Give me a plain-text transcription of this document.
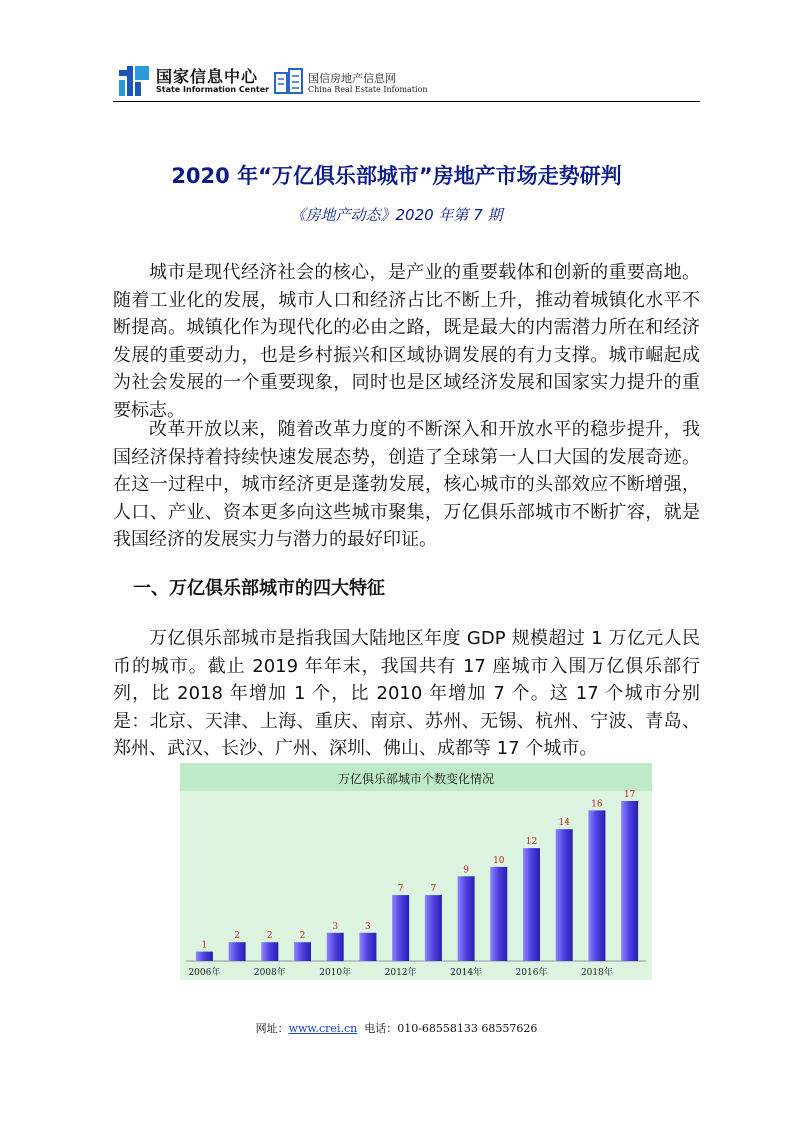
国家信息中心
State Information Center
国信房地产信息网
China Real Estate Infomation
2020 年“万亿俱乐部城市”房地产市场走势研判
《房地产动态》2020 年第 7 期

城市是现代经济社会的核心，是产业的重要载体和创新的重要高地。随着工业化的发展，城市人口和经济占比不断上升，推动着城镇化水平不断提高。城镇化作为现代化的必由之路，既是最大的内需潜力所在和经济发展的重要动力，也是乡村振兴和区域协调发展的有力支撑。城市崛起成为社会发展的一个重要现象，同时也是区域经济发展和国家实力提升的重要标志。

改革开放以来，随着改革力度的不断深入和开放水平的稳步提升，我国经济保持着持续快速发展态势，创造了全球第一人口大国的发展奇迹。在这一过程中，城市经济更是蓬勃发展，核心城市的头部效应不断增强，人口、产业、资本更多向这些城市聚集，万亿俱乐部城市不断扩容，就是我国经济的发展实力与潜力的最好印证。

一、万亿俱乐部城市的四大特征

万亿俱乐部城市是指我国大陆地区年度 GDP 规模超过 1 万亿元人民币的城市。截止 2019 年年末，我国共有 17 座城市入围万亿俱乐部行列，比 2018 年增加 1 个，比 2010 年增加 7 个。这 17 个城市分别是：北京、天津、上海、重庆、南京、苏州、无锡、杭州、宁波、青岛、郑州、武汉、长沙、广州、深圳、佛山、成都等 17 个城市。

万亿俱乐部城市个数变化情况
1
2006年
2	2
2008年
2
3
2010年
3
7
2012年
7
9
2014年
10
12
2016年
14
16
2018年
17
网址：www.crei.cn 电话：010-68558133 68557626
